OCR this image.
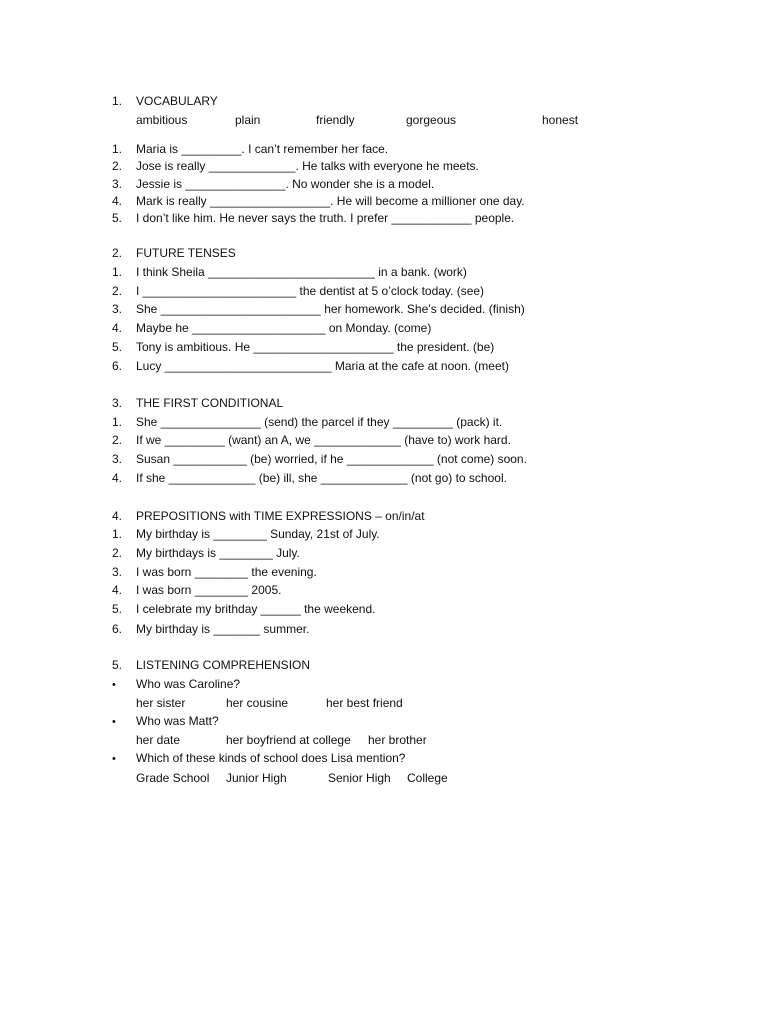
1. VOCABULARY
ambitious	plain	friendly	gorgeous	honest
1. Maria is _________. I can’t remember her face.
2. Jose is really _____________. He talks with everyone he meets.
3. Jessie is _______________. No wonder she is a model.
4. Mark is really __________________. He will become a millioner one day.
5. I don’t like him. He never says the truth. I prefer ____________ people.
2. FUTURE TENSES
1. I think Sheila _________________________ in a bank. (work)
2. I _______________________ the dentist at 5 o’clock today. (see)
3. She ________________________ her homework. She’s decided. (finish)
4. Maybe he ____________________ on Monday. (come)
5. Tony is ambitious. He _____________________ the president. (be)
6. Lucy _________________________ Maria at the cafe at noon. (meet)
3. THE FIRST CONDITIONAL
1. She _______________ (send) the parcel if they _________ (pack) it.
2. If we _________ (want) an A, we _____________ (have to) work hard.
3. Susan ___________ (be) worried, if he _____________ (not come) soon.
4. If she _____________ (be) ill, she _____________ (not go) to school.
4. PREPOSITIONS with TIME EXPRESSIONS – on/in/at
1. My birthday is ________ Sunday, 21st of July.
2. My birthdays is ________ July.
3. I was born ________ the evening.
4. I was born ________ 2005.
5. I celebrate my brithday ______ the weekend.
6. My birthday is _______ summer.
5. LISTENING COMPREHENSION
• Who was Caroline?
her sister	her cousine	her best friend
• Who was Matt?
her date	her boyfriend at college her brother
• Which of these kinds of school does Lisa mention?
Grade School Junior High	Senior High College
